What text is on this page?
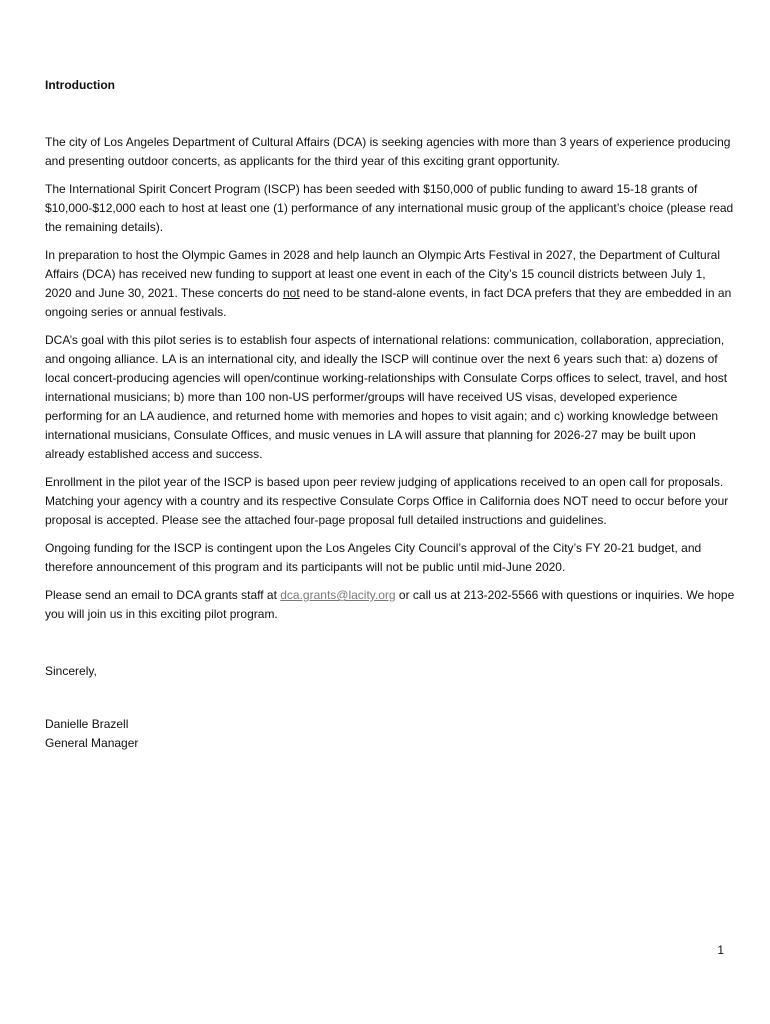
Introduction

The city of Los Angeles Department of Cultural Affairs (DCA) is seeking agencies with more than 3 years of experience producing and presenting outdoor concerts, as applicants for the third year of this exciting grant opportunity.

The International Spirit Concert Program (ISCP) has been seeded with $150,000 of public funding to award 15-18 grants of $10,000-$12,000 each to host at least one (1) performance of any international music group of the applicant’s choice (please read the remaining details).

In preparation to host the Olympic Games in 2028 and help launch an Olympic Arts Festival in 2027, the Department of Cultural Affairs (DCA) has received new funding to support at least one event in each of the City’s 15 council districts between July 1, 2020 and June 30, 2021. These concerts do not need to be stand-alone events, in fact DCA prefers that they are embedded in an ongoing series or annual festivals.

DCA’s goal with this pilot series is to establish four aspects of international relations: communication, collaboration, appreciation, and ongoing alliance. LA is an international city, and ideally the ISCP will continue over the next 6 years such that: a) dozens of local concert-producing agencies will open/continue working-relationships with Consulate Corps offices to select, travel, and host international musicians; b) more than 100 non-US performer/groups will have received US visas, developed experience performing for an LA audience, and returned home with memories and hopes to visit again; and c) working knowledge between international musicians, Consulate Offices, and music venues in LA will assure that planning for 2026-27 may be built upon already established access and success.

Enrollment in the pilot year of the ISCP is based upon peer review judging of applications received to an open call for proposals. Matching your agency with a country and its respective Consulate Corps Office in California does NOT need to occur before your proposal is accepted. Please see the attached four-page proposal full detailed instructions and guidelines.

Ongoing funding for the ISCP is contingent upon the Los Angeles City Council’s approval of the City’s FY 20-21 budget, and therefore announcement of this program and its participants will not be public until mid-June 2020.

Please send an email to DCA grants staff at dca.grants@lacity.org or call us at 213-202-5566 with questions or inquiries. We hope you will join us in this exciting pilot program.

Sincerely,
Danielle Brazell
General Manager
1
